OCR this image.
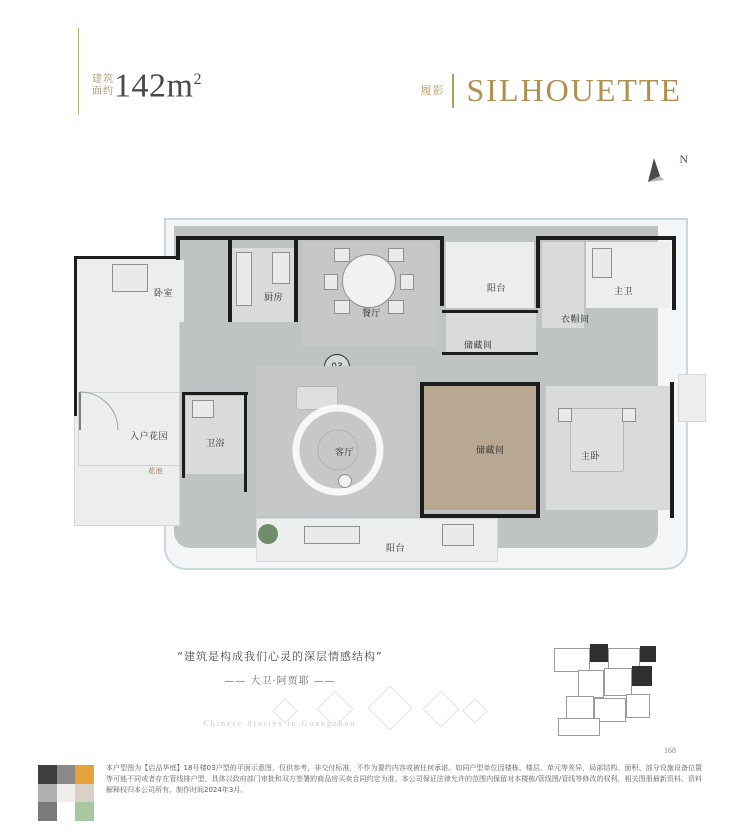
建筑面约 $142m^2$
履影 SILHOUETTE
N
卧室	厨房
餐厅
阳台	主卫
衣帽间
储藏间
入户花园
花池
卫浴
客厅	储藏间
主卧
阳台
“建筑是构成我们心灵的深层情感结构”
—— 大卫·阿贾耶 ——
Chinese Stories in Guangzhou
168
本户型图为【启品华庭】18号楼03户型的平面示意图，仅供参考，非交付标准，不作为要约内容或被任何承诺。如同户型单位因楼栋、楼层、单元等差异，局部结构、面积、部分设施设备位置等可能不同或者存在管线排户型。具体以政府部门审批和双方签署的商品房买卖合同约定为准。本公司保证法律允许的范围内保留对本楼栋/管线图/管线等修改的权利，相关图册最新资料、资料解释权归本公司所有。制作时间2024年3月。
